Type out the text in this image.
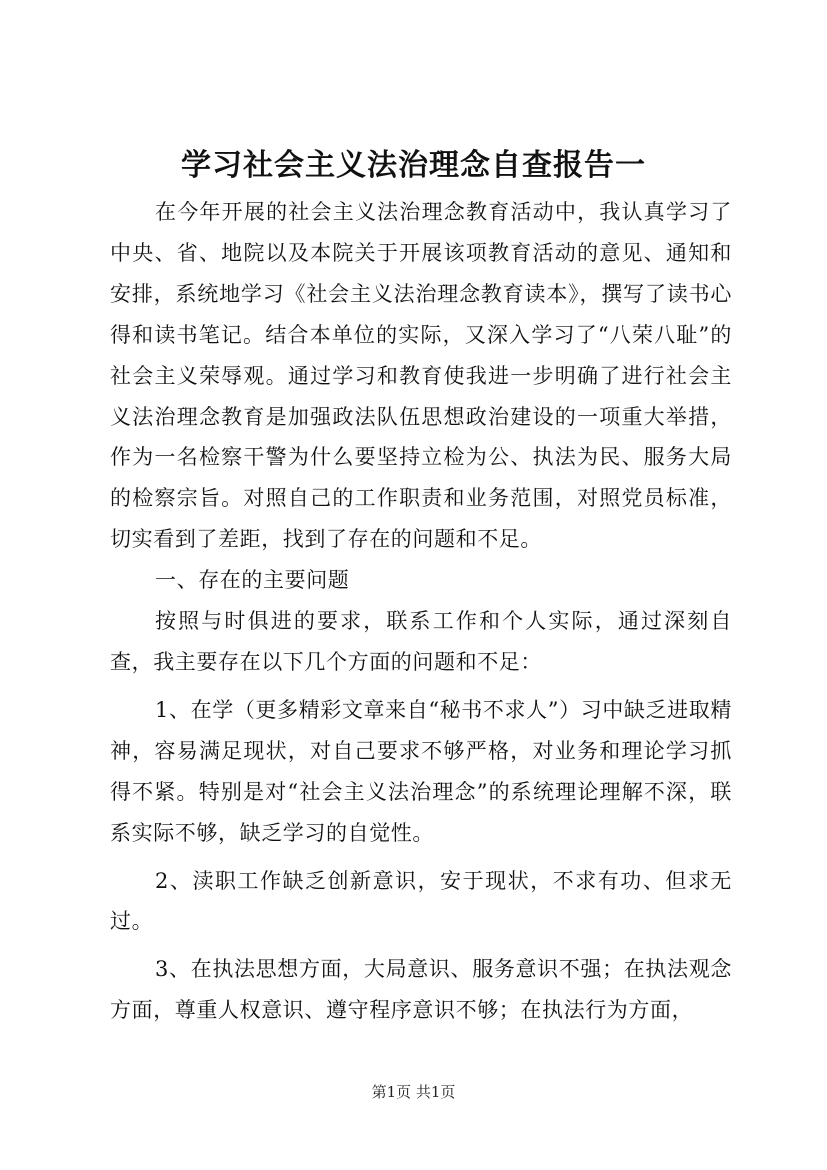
学习社会主义法治理念自查报告一

在今年开展的社会主义法治理念教育活动中，我认真学习了中央、省、地院以及本院关于开展该项教育活动的意见、通知和安排，系统地学习《社会主义法治理念教育读本》，撰写了读书心得和读书笔记。结合本单位的实际，又深入学习了“八荣八耻”的社会主义荣辱观。通过学习和教育使我进一步明确了进行社会主义法治理念教育是加强政法队伍思想政治建设的一项重大举措，作为一名检察干警为什么要坚持立检为公、执法为民、服务大局的检察宗旨。对照自己的工作职责和业务范围，对照党员标准，切实看到了差距，找到了存在的问题和不足。

一、存在的主要问题

按照与时俱进的要求，联系工作和个人实际，通过深刻自查，我主要存在以下几个方面的问题和不足：

1、在学（更多精彩文章来自“秘书不求人”）习中缺乏进取精神，容易满足现状，对自己要求不够严格，对业务和理论学习抓得不紧。特别是对“社会主义法治理念”的系统理论理解不深，联系实际不够，缺乏学习的自觉性。

2、渎职工作缺乏创新意识，安于现状，不求有功、但求无过。

3、在执法思想方面，大局意识、服务意识不强；在执法观念方面，尊重人权意识、遵守程序意识不够；在执法行为方面，

第1页 共1页
